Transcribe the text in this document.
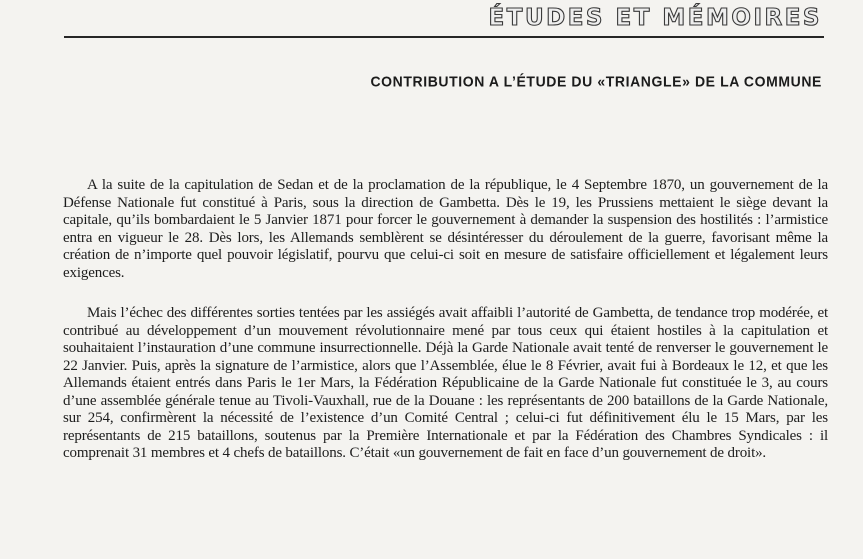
ÉTUDES ET MÉMOIRES
CONTRIBUTION A L’ÉTUDE DU «TRIANGLE» DE LA COMMUNE

A la suite de la capitulation de Sedan et de la proclamation de la république, le 4 Septembre 1870, un gouvernement de la Défense Nationale fut constitué à Paris, sous la direction de Gambetta. Dès le 19, les Prussiens mettaient le siège devant la capitale, qu’ils bombardaient le 5 Janvier 1871 pour forcer le gouvernement à demander la suspension des hostilités : l’armistice entra en vigueur le 28. Dès lors, les Allemands semblèrent se désintéresser du déroulement de la guerre, favorisant même la création de n’importe quel pouvoir législatif, pourvu que celui-ci soit en mesure de satisfaire officiellement et légalement leurs exigences.

Mais l’échec des différentes sorties tentées par les assiégés avait affaibli l’autorité de Gambetta, de tendance trop modérée, et contribué au développement d’un mouvement révolutionnaire mené par tous ceux qui étaient hostiles à la capitulation et souhaitaient l’instauration d’une commune insurrectionnelle. Déjà la Garde Nationale avait tenté de renverser le gouvernement le 22 Janvier. Puis, après la signature de l’armistice, alors que l’Assemblée, élue le 8 Février, avait fui à Bordeaux le 12, et que les Allemands étaient entrés dans Paris le 1er Mars, la Fédération Républicaine de la Garde Nationale fut constituée le 3, au cours d’une assemblée générale tenue au Tivoli-Vauxhall, rue de la Douane : les représentants de 200 bataillons de la Garde Nationale, sur 254, confirmèrent la nécessité de l’existence d’un Comité Central ; celui-ci fut définitivement élu le 15 Mars, par les représentants de 215 bataillons, soutenus par la Première Internationale et par la Fédération des Chambres Syndicales : il comprenait 31 membres et 4 chefs de bataillons. C’était «un gouvernement de fait en face d’un gouvernement de droit».
